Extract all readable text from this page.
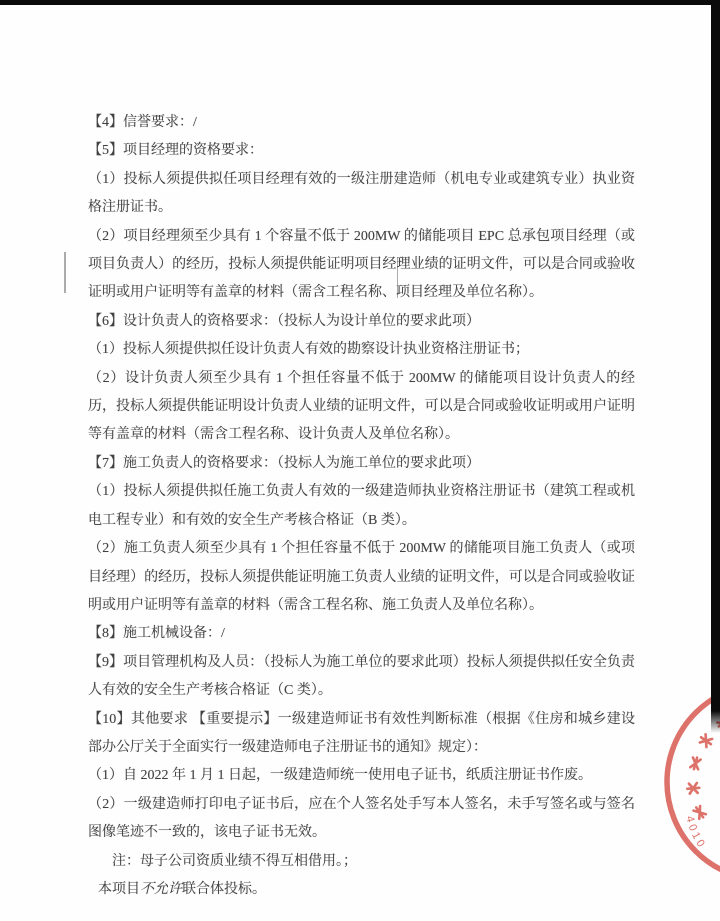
4010
【4】信誉要求：/
【5】项目经理的资格要求：
（1）投标人须提供拟任项目经理有效的一级注册建造师（机电专业或建筑专业）执业资格注册证书。
（2）项目经理须至少具有 1 个容量不低于 200MW 的储能项目 EPC 总承包项目经理（或项目负责人）的经历，投标人须提供能证明项目经理业绩的证明文件，可以是合同或验收证明或用户证明等有盖章的材料（需含工程名称、项目经理及单位名称）。
【6】设计负责人的资格要求：（投标人为设计单位的要求此项）
（1）投标人须提供拟任设计负责人有效的勘察设计执业资格注册证书；
（2）设计负责人须至少具有 1 个担任容量不低于 200MW 的储能项目设计负责人的经历，投标人须提供能证明设计负责人业绩的证明文件，可以是合同或验收证明或用户证明等有盖章的材料（需含工程名称、设计负责人及单位名称）。
【7】施工负责人的资格要求：（投标人为施工单位的要求此项）
（1）投标人须提供拟任施工负责人有效的一级建造师执业资格注册证书（建筑工程或机电工程专业）和有效的安全生产考核合格证（B 类）。
（2）施工负责人须至少具有 1 个担任容量不低于 200MW 的储能项目施工负责人（或项目经理）的经历，投标人须提供能证明施工负责人业绩的证明文件，可以是合同或验收证明或用户证明等有盖章的材料（需含工程名称、施工负责人及单位名称）。
【8】施工机械设备：/
【9】项目管理机构及人员：（投标人为施工单位的要求此项）投标人须提供拟任安全负责人有效的安全生产考核合格证（C 类）。
【10】其他要求 【重要提示】一级建造师证书有效性判断标准（根据《住房和城乡建设部办公厅关于全面实行一级建造师电子注册证书的通知》规定）：
（1）自 2022 年 1 月 1 日起，一级建造师统一使用电子证书，纸质注册证书作废。
（2）一级建造师打印电子证书后，应在个人签名处手写本人签名，未手写签名或与签名图像笔迹不一致的，该电子证书无效。
注：母子公司资质业绩不得互相借用。；
本项目不允许联合体投标。
